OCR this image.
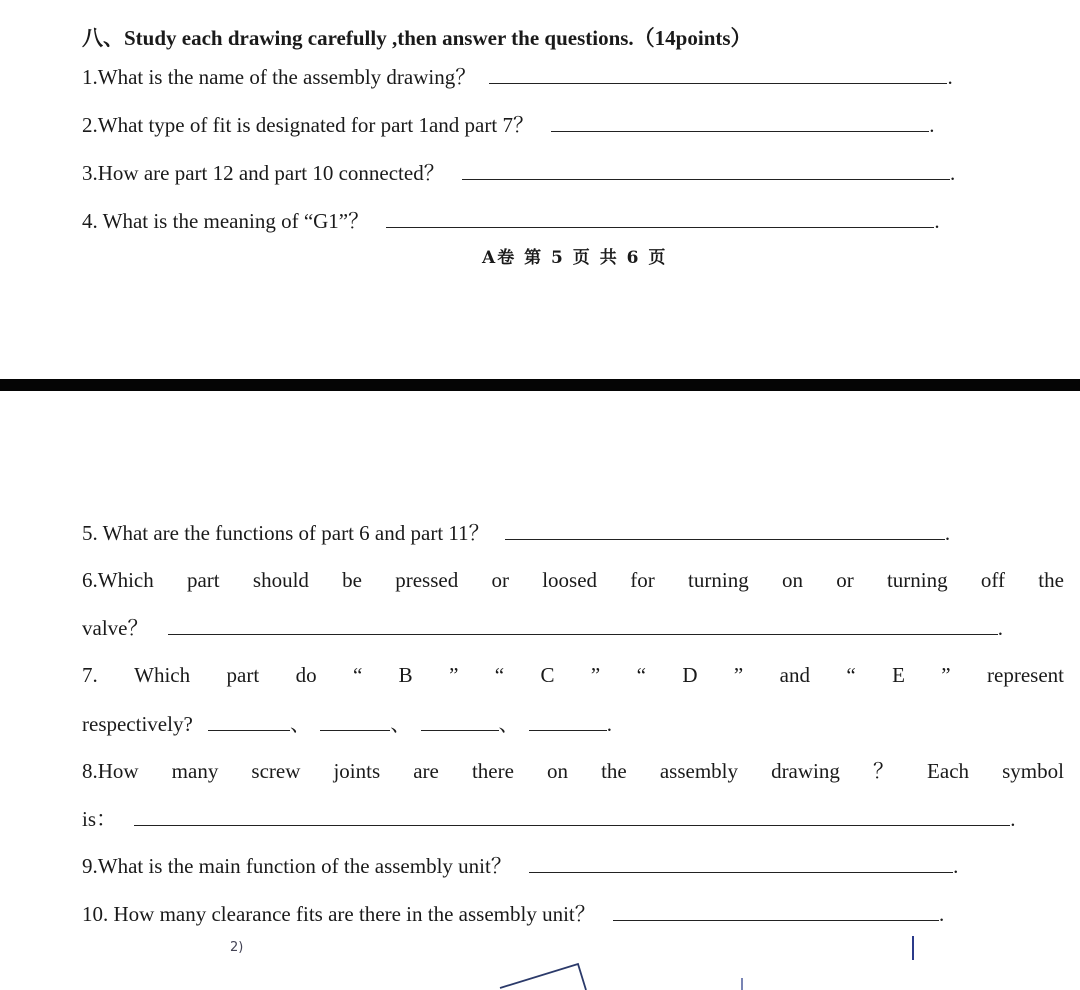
八、Study each drawing carefully ,then answer the questions.（14points）
1.What is the name of the assembly drawing？	.
2.What type of fit is designated for part 1and part 7？	.
3.How are part 12 and part 10 connected？	.
4. What is the meaning of “G1”？	.
A卷 第 5 页 共 6 页
5. What are the functions of part 6 and part 11？	.
6.Which part should be pressed or loosed for turning on or turning off the
valve？	.
7. Which part do “ B ” “ C ” “ D ” and “ E ” represent
respectively?	、	、	、	.
8.How many screw joints are there on the assembly drawing ？ Each symbol
is：	.
9.What is the main function of the assembly unit？	.
10. How many clearance fits are there in the assembly unit？	.
2)
